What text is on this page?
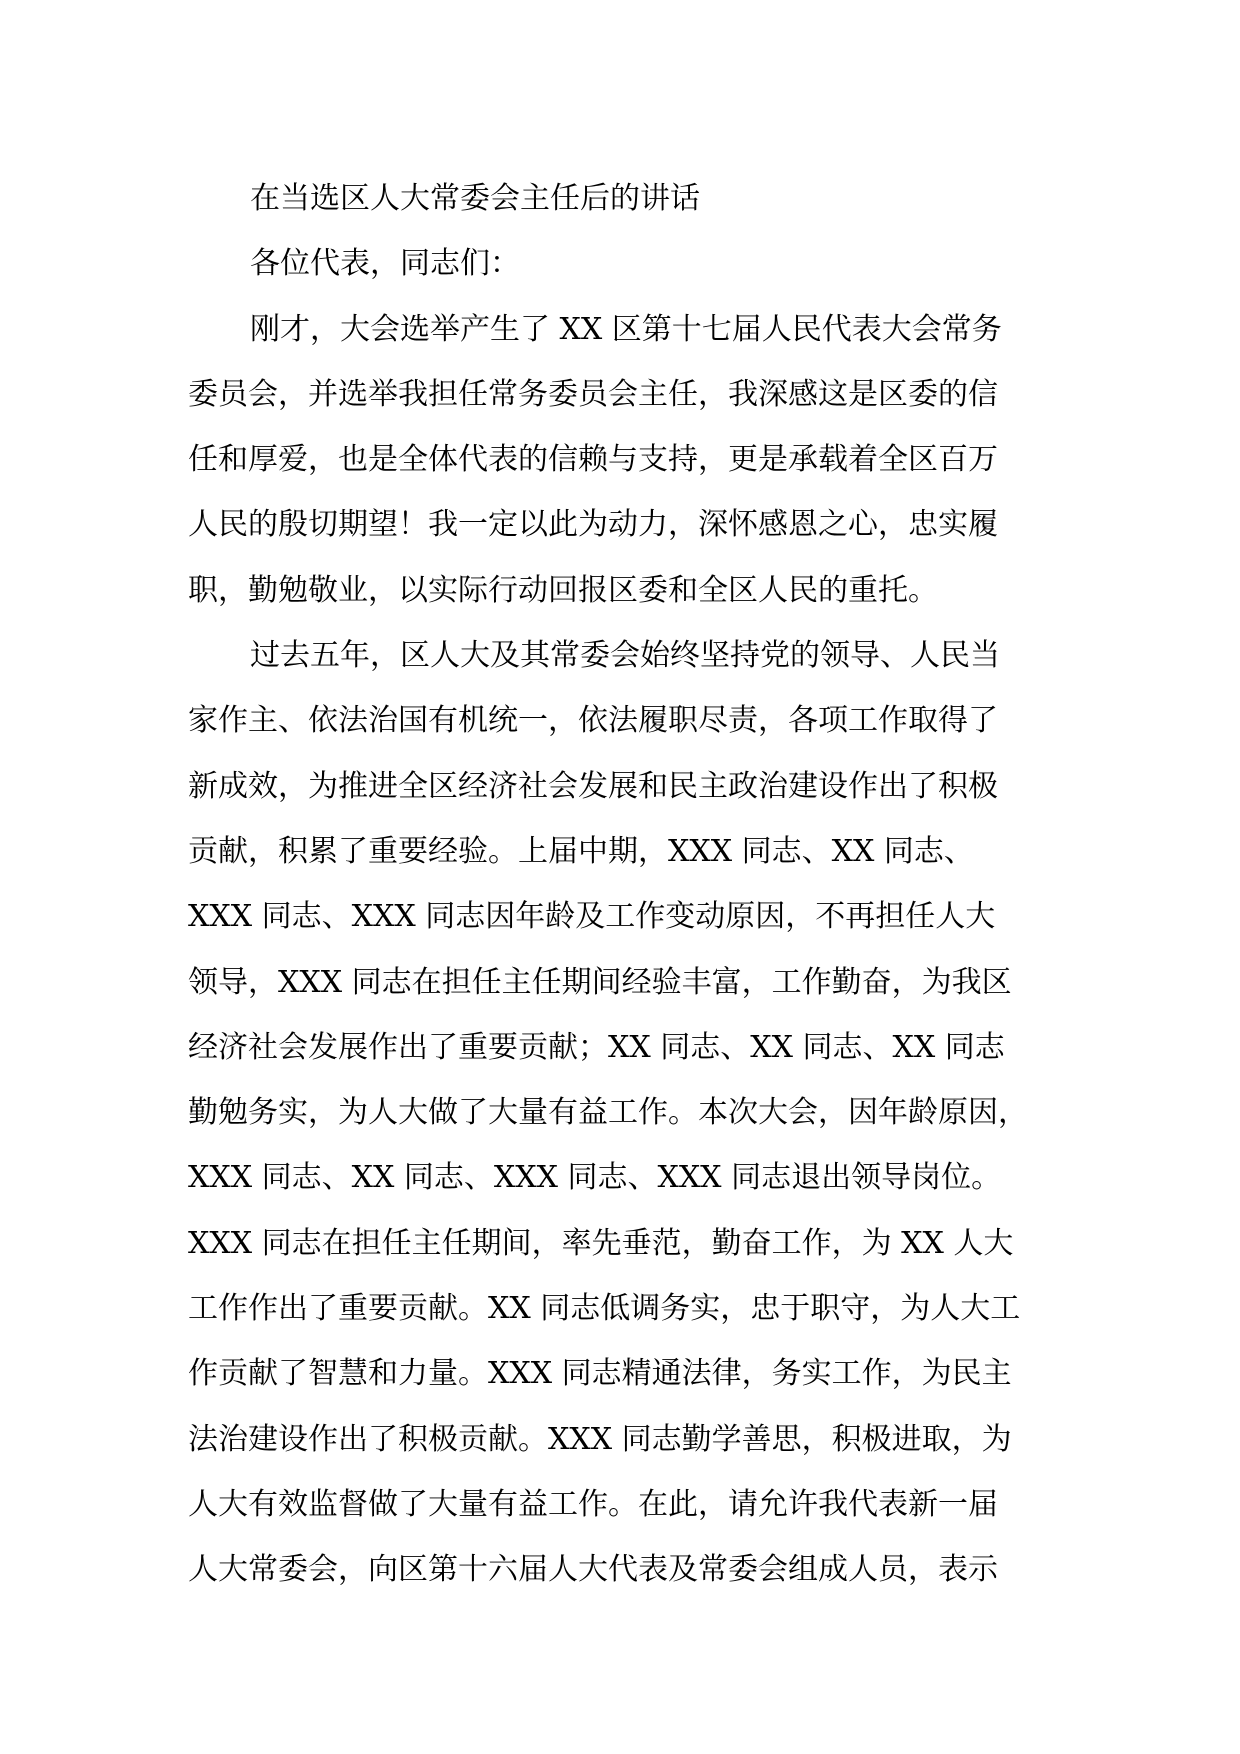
在当选区人大常委会主任后的讲话
各位代表，同志们：
刚才，大会选举产生了 XX 区第十七届人民代表大会常务
委员会，并选举我担任常务委员会主任，我深感这是区委的信
任和厚爱，也是全体代表的信赖与支持，更是承载着全区百万
人民的殷切期望！我一定以此为动力，深怀感恩之心，忠实履
职，勤勉敬业，以实际行动回报区委和全区人民的重托。
过去五年，区人大及其常委会始终坚持党的领导、人民当
家作主、依法治国有机统一，依法履职尽责，各项工作取得了
新成效，为推进全区经济社会发展和民主政治建设作出了积极
贡献，积累了重要经验。上届中期，XXX 同志、XX 同志、
XXX 同志、XXX 同志因年龄及工作变动原因，不再担任人大
领导，XXX 同志在担任主任期间经验丰富，工作勤奋，为我区
经济社会发展作出了重要贡献；XX 同志、XX 同志、XX 同志
勤勉务实，为人大做了大量有益工作。本次大会，因年龄原因，
XXX 同志、XX 同志、XXX 同志、XXX 同志退出领导岗位。
XXX 同志在担任主任期间，率先垂范，勤奋工作，为 XX 人大
工作作出了重要贡献。XX 同志低调务实，忠于职守，为人大工
作贡献了智慧和力量。XXX 同志精通法律，务实工作，为民主
法治建设作出了积极贡献。XXX 同志勤学善思，积极进取，为
人大有效监督做了大量有益工作。在此，请允许我代表新一届
人大常委会，向区第十六届人大代表及常委会组成人员，表示
